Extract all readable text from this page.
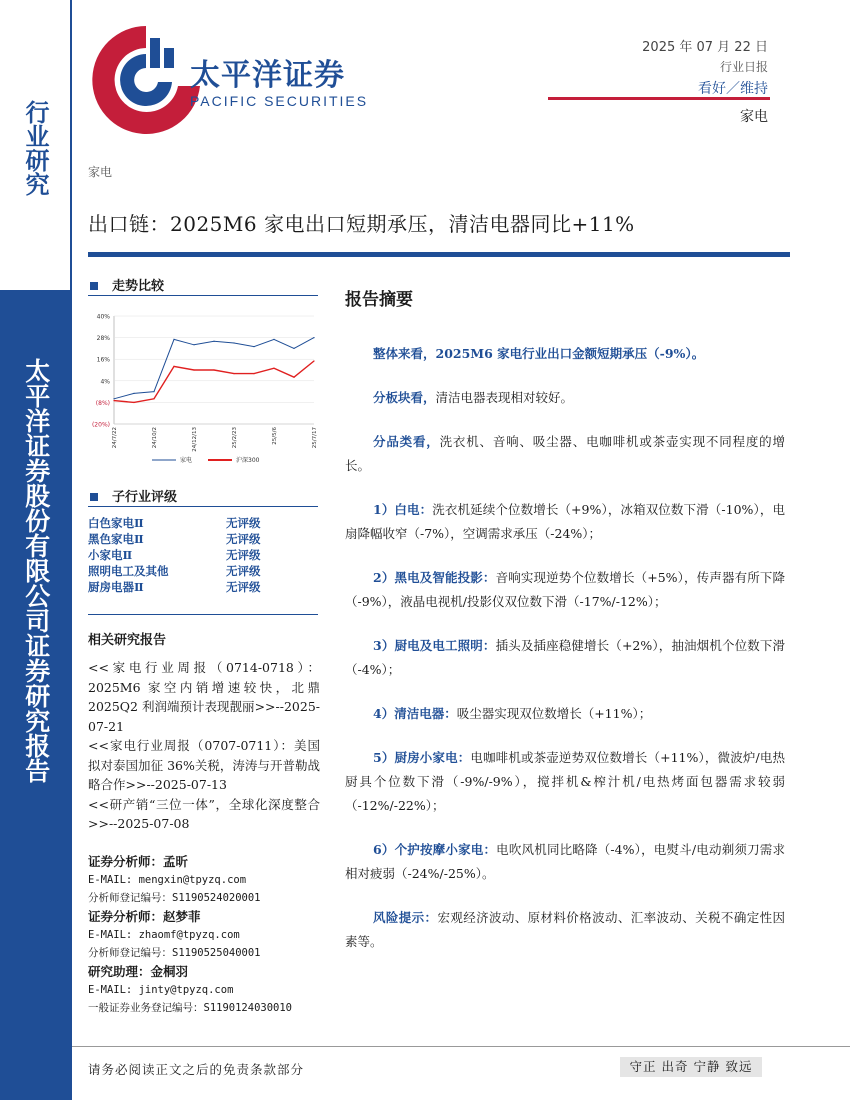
行业研究
太平洋证券股份有限公司证券研究报告
太平洋证券
PACIFIC SECURITIES
2025 年 07 月 22 日
行业日报
看好／维持
家电
家电
出口链：2025M6 家电出口短期承压，清洁电器同比+11%
走势比较
40%
28%
16%
4%
(8%)
(20%)
24/7/22	24/10/2	24/12/13	25/2/23	25/5/6	25/7/17
家电	沪深300
子行业评级
白色家电Ⅱ	无评级
黑色家电Ⅱ	无评级
小家电Ⅱ	无评级
照明电工及其他	无评级
厨房电器Ⅱ	无评级
相关研究报告

<<家电行业周报（0714-0718）：2025M6 家空内销增速较快，北鼎 2025Q2 利润端预计表现靓丽>>--2025-07-21

<<家电行业周报（0707-0711）：美国拟对泰国加征 36%关税，涛涛与开普勒战略合作>>--2025-07-13

<<研产销“三位一体”，全球化深度整合>>--2025-07-08

证券分析师：孟昕
E-MAIL: mengxin@tpyzq.com
分析师登记编号：S1190524020001
证券分析师：赵梦菲
E-MAIL: zhaomf@tpyzq.com
分析师登记编号：S1190525040001
研究助理：金桐羽
E-MAIL: jinty@tpyzq.com
一般证券业务登记编号：S1190124030010
报告摘要
整体来看，2025M6 家电行业出口金额短期承压（-9%）。
分板块看，清洁电器表现相对较好。
分品类看，洗衣机、音响、吸尘器、电咖啡机或茶壶实现不同程度的增长。
1）白电：洗衣机延续个位数增长（+9%），冰箱双位数下滑（-10%），电扇降幅收窄（-7%），空调需求承压（-24%）；
2）黑电及智能投影：音响实现逆势个位数增长（+5%），传声器有所下降（-9%），液晶电视机/投影仪双位数下滑（-17%/-12%）；
3）厨电及电工照明：插头及插座稳健增长（+2%），抽油烟机个位数下滑（-4%）；
4）清洁电器：吸尘器实现双位数增长（+11%）；
5）厨房小家电：电咖啡机或茶壶逆势双位数增长（+11%），微波炉/电热厨具个位数下滑（-9%/-9%），搅拌机&榨汁机/电热烤面包器需求较弱（-12%/-22%）；
6）个护按摩小家电：电吹风机同比略降（-4%），电熨斗/电动剃须刀需求相对疲弱（-24%/-25%）。
风险提示：宏观经济波动、原材料价格波动、汇率波动、关税不确定性因素等。
请务必阅读正文之后的免责条款部分	守正 出奇 宁静 致远
